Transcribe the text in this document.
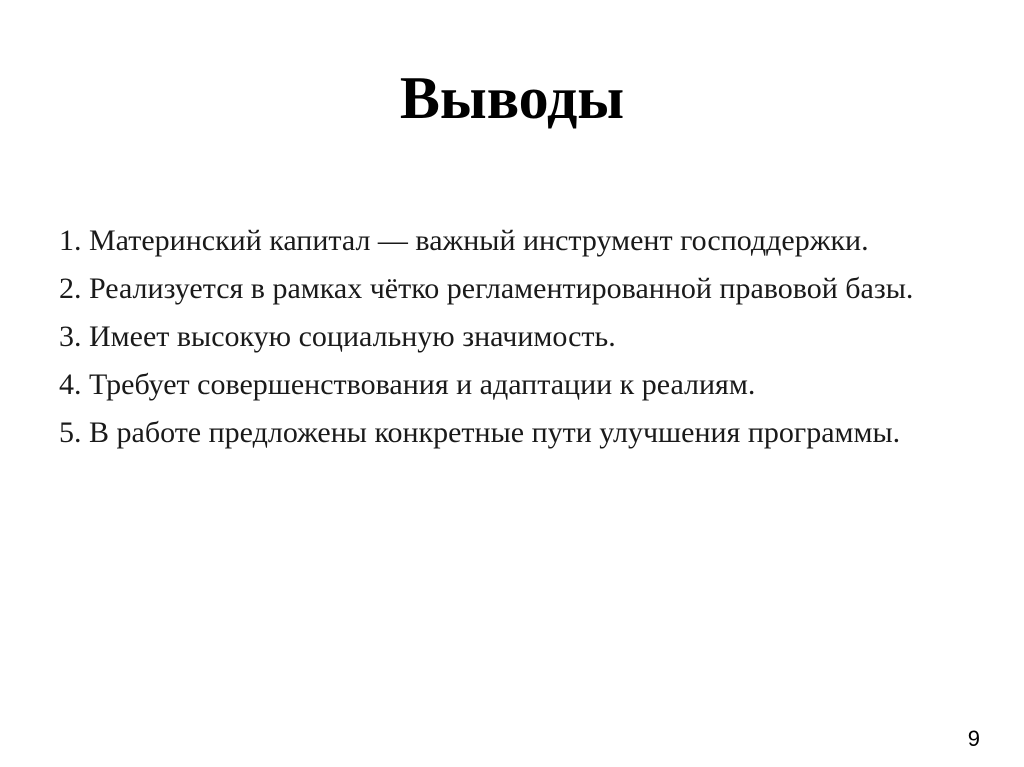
Выводы
1. Материнский капитал — важный инструмент господдержки.
2. Реализуется в рамках чётко регламентированной правовой базы.
3. Имеет высокую социальную значимость.
4. Требует совершенствования и адаптации к реалиям.
5. В работе предложены конкретные пути улучшения программы.
9
